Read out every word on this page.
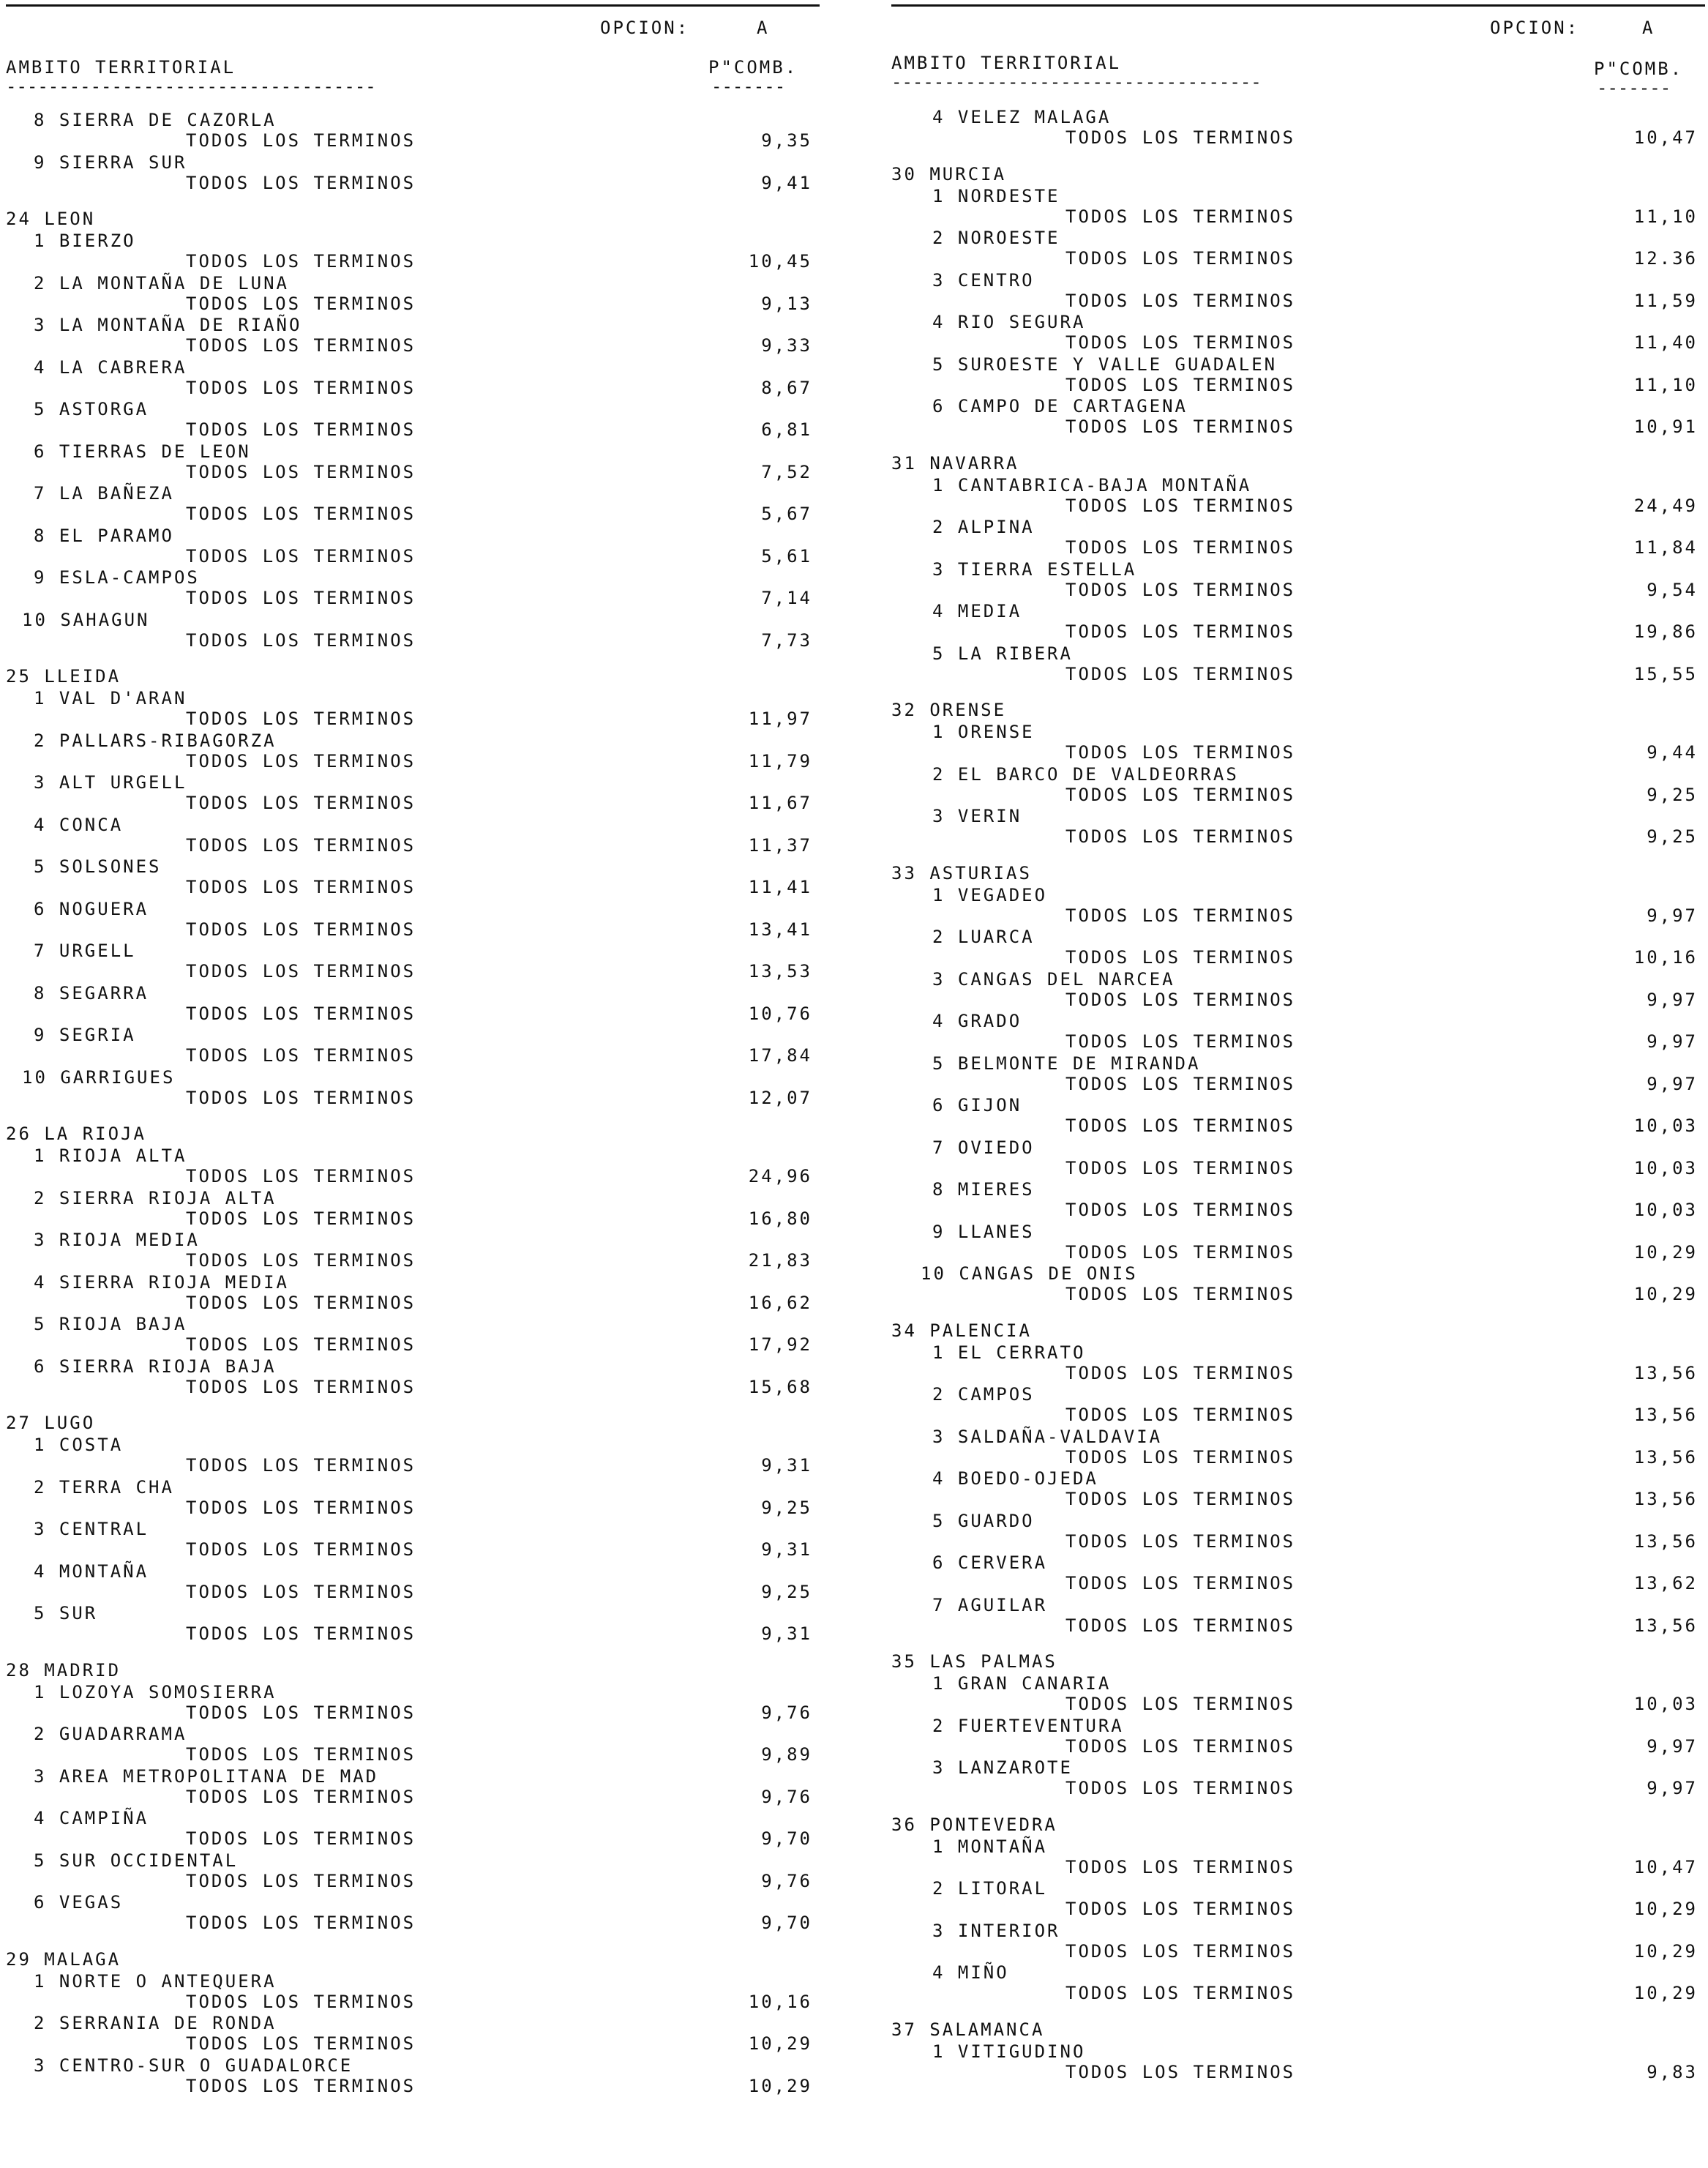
OPCION:	A
AMBITO TERRITORIAL	P"COMB.
-----------------------------------	-------
8 SIERRA DE CAZORLA
TODOS LOS TERMINOS	9,35
9 SIERRA SUR
TODOS LOS TERMINOS	9,41
24 LEON
1 BIERZO
TODOS LOS TERMINOS	10,45
2 LA MONTAÑA DE LUNA
TODOS LOS TERMINOS	9,13
3 LA MONTAÑA DE RIAÑO
TODOS LOS TERMINOS	9,33
4 LA CABRERA
TODOS LOS TERMINOS	8,67
5 ASTORGA
TODOS LOS TERMINOS	6,81
6 TIERRAS DE LEON
TODOS LOS TERMINOS	7,52
7 LA BAÑEZA
TODOS LOS TERMINOS	5,67
8 EL PARAMO
TODOS LOS TERMINOS	5,61
9 ESLA-CAMPOS
TODOS LOS TERMINOS	7,14
10 SAHAGUN
TODOS LOS TERMINOS	7,73
25 LLEIDA
1 VAL D'ARAN
TODOS LOS TERMINOS	11,97
2 PALLARS-RIBAGORZA
TODOS LOS TERMINOS	11,79
3 ALT URGELL
TODOS LOS TERMINOS	11,67
4 CONCA
TODOS LOS TERMINOS	11,37
5 SOLSONES
TODOS LOS TERMINOS	11,41
6 NOGUERA
TODOS LOS TERMINOS	13,41
7 URGELL
TODOS LOS TERMINOS	13,53
8 SEGARRA
TODOS LOS TERMINOS	10,76
9 SEGRIA
TODOS LOS TERMINOS	17,84
10 GARRIGUES
TODOS LOS TERMINOS	12,07
26 LA RIOJA
1 RIOJA ALTA
TODOS LOS TERMINOS	24,96
2 SIERRA RIOJA ALTA
TODOS LOS TERMINOS	16,80
3 RIOJA MEDIA
TODOS LOS TERMINOS	21,83
4 SIERRA RIOJA MEDIA
TODOS LOS TERMINOS	16,62
5 RIOJA BAJA
TODOS LOS TERMINOS	17,92
6 SIERRA RIOJA BAJA
TODOS LOS TERMINOS	15,68
27 LUGO
1 COSTA
TODOS LOS TERMINOS	9,31
2 TERRA CHA
TODOS LOS TERMINOS	9,25
3 CENTRAL
TODOS LOS TERMINOS	9,31
4 MONTAÑA
TODOS LOS TERMINOS	9,25
5 SUR
TODOS LOS TERMINOS	9,31
28 MADRID
1 LOZOYA SOMOSIERRA
TODOS LOS TERMINOS	9,76
2 GUADARRAMA
TODOS LOS TERMINOS	9,89
3 AREA METROPOLITANA DE MAD
TODOS LOS TERMINOS	9,76
4 CAMPIÑA
TODOS LOS TERMINOS	9,70
5 SUR OCCIDENTAL
TODOS LOS TERMINOS	9,76
6 VEGAS
TODOS LOS TERMINOS	9,70
29 MALAGA
1 NORTE O ANTEQUERA
TODOS LOS TERMINOS	10,16
2 SERRANIA DE RONDA
TODOS LOS TERMINOS	10,29
3 CENTRO-SUR O GUADALORCE
TODOS LOS TERMINOS	10,29
OPCION:	A
AMBITO TERRITORIAL	P"COMB.
-----------------------------------	-------
4 VELEZ MALAGA
TODOS LOS TERMINOS	10,47
30 MURCIA
1 NORDESTE
TODOS LOS TERMINOS	11,10
2 NOROESTE
TODOS LOS TERMINOS	12.36
3 CENTRO
TODOS LOS TERMINOS	11,59
4 RIO SEGURA
TODOS LOS TERMINOS	11,40
5 SUROESTE Y VALLE GUADALEN
TODOS LOS TERMINOS	11,10
6 CAMPO DE CARTAGENA
TODOS LOS TERMINOS	10,91
31 NAVARRA
1 CANTABRICA-BAJA MONTAÑA
TODOS LOS TERMINOS	24,49
2 ALPINA
TODOS LOS TERMINOS	11,84
3 TIERRA ESTELLA
TODOS LOS TERMINOS	9,54
4 MEDIA
TODOS LOS TERMINOS	19,86
5 LA RIBERA
TODOS LOS TERMINOS	15,55
32 ORENSE
1 ORENSE
TODOS LOS TERMINOS	9,44
2 EL BARCO DE VALDEORRAS
TODOS LOS TERMINOS	9,25
3 VERIN
TODOS LOS TERMINOS	9,25
33 ASTURIAS
1 VEGADEO
TODOS LOS TERMINOS	9,97
2 LUARCA
TODOS LOS TERMINOS	10,16
3 CANGAS DEL NARCEA
TODOS LOS TERMINOS	9,97
4 GRADO
TODOS LOS TERMINOS	9,97
5 BELMONTE DE MIRANDA
TODOS LOS TERMINOS	9,97
6 GIJON
TODOS LOS TERMINOS	10,03
7 OVIEDO
TODOS LOS TERMINOS	10,03
8 MIERES
TODOS LOS TERMINOS	10,03
9 LLANES
TODOS LOS TERMINOS	10,29
10 CANGAS DE ONIS
TODOS LOS TERMINOS	10,29
34 PALENCIA
1 EL CERRATO
TODOS LOS TERMINOS	13,56
2 CAMPOS
TODOS LOS TERMINOS	13,56
3 SALDAÑA-VALDAVIA
TODOS LOS TERMINOS	13,56
4 BOEDO-OJEDA
TODOS LOS TERMINOS	13,56
5 GUARDO
TODOS LOS TERMINOS	13,56
6 CERVERA
TODOS LOS TERMINOS	13,62
7 AGUILAR
TODOS LOS TERMINOS	13,56
35 LAS PALMAS
1 GRAN CANARIA
TODOS LOS TERMINOS	10,03
2 FUERTEVENTURA
TODOS LOS TERMINOS	9,97
3 LANZAROTE
TODOS LOS TERMINOS	9,97
36 PONTEVEDRA
1 MONTAÑA
TODOS LOS TERMINOS	10,47
2 LITORAL
TODOS LOS TERMINOS	10,29
3 INTERIOR
TODOS LOS TERMINOS	10,29
4 MIÑO
TODOS LOS TERMINOS	10,29
37 SALAMANCA
1 VITIGUDINO
TODOS LOS TERMINOS	9,83
